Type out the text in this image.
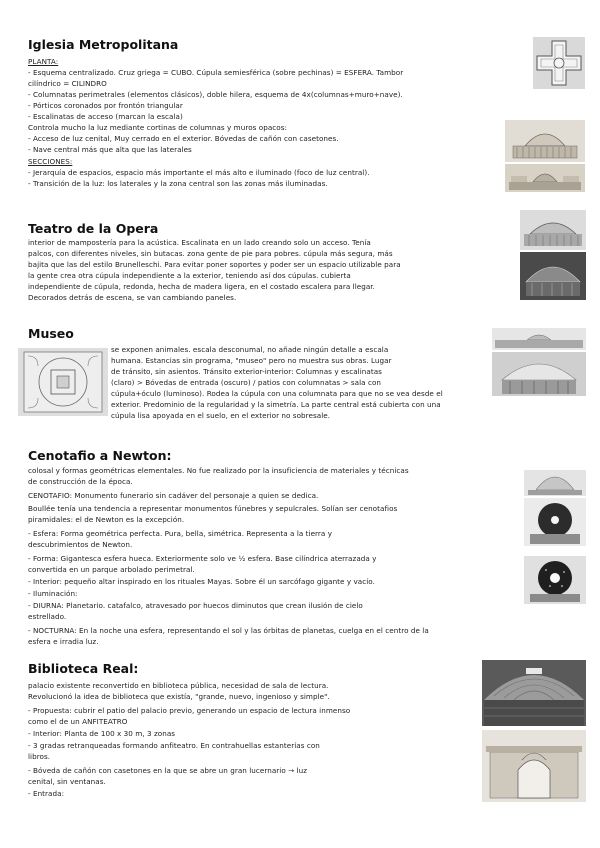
Iglesia Metropolitana
PLANTA:
- Esquema centralizado. Cruz griega = CUBO. Cúpula semiesférica (sobre pechinas) = ESFERA. Tambor
cilíndrico = CILINDRO
- Columnatas perimetrales (elementos clásicos), doble hilera, esquema de 4x(columnas+muro+nave).
- Pórticos coronados por frontón triangular
- Escalinatas de acceso (marcan la escala)
Controla mucho la luz mediante cortinas de columnas y muros opacos:
- Acceso de luz cenital, Muy cerrado en el exterior. Bóvedas de cañón con casetones.
- Nave central más que alta que las laterales
SECCIONES:
- Jerarquía de espacios, espacio más importante el más alto e iluminado (foco de luz central).
- Transición de la luz: los laterales y la zona central son las zonas más iluminadas.
Teatro de la Opera
interior de mampostería para la acústica. Escalinata en un lado creando solo un acceso. Tenía
palcos, con diferentes niveles, sin butacas. zona gente de pie para pobres. cúpula más segura, más
bajita que las del estilo Brunelleschi. Para evitar poner soportes y poder ser un espacio utilizable para
la gente crea otra cúpula independiente a la exterior, teniendo así dos cúpulas. cubierta
independiente de cúpula, redonda, hecha de madera ligera, en el costado escalera para llegar.
Decorados detrás de escena, se van cambiando paneles.
Museo
se exponen animales. escala desconumal, no añade ningún detalle a escala
humana. Estancias sin programa, "museo" pero no muestra sus obras. Lugar
de tránsito, sin asientos. Tránsito exterior-interior: Columnas y escalinatas
(claro) > Bóvedas de entrada (oscuro) / patios con columnatas > sala con
cúpula+óculo (luminoso). Rodea la cúpula con una columnata para que no se vea desde el
exterior. Predominio de la regularidad y la simetría. La parte central está cubierta con una
cúpula lisa apoyada en el suelo, en el exterior no sobresale.
Cenotafio a Newton:
colosal y formas geométricas elementales. No fue realizado por la insuficiencia de materiales y técnicas
de construcción de la época.
CENOTAFIO: Monumento funerario sin cadáver del personaje a quien se dedica.
Boullée tenía una tendencia a representar monumentos fúnebres y sepulcrales. Solían ser cenotafios
piramidales: el de Newton es la excepción.
- Esfera: Forma geométrica perfecta. Pura, bella, simétrica. Representa a la tierra y
descubrimientos de Newton.
- Forma: Gigantesca esfera hueca. Exteriormente solo ve ½ esfera. Base cilíndrica aterrazada y
convertida en un parque arbolado perimetral.
- Interior: pequeño altar inspirado en los rituales Mayas. Sobre él un sarcófago gigante y vacío.
- Iluminación:
- DIURNA: Planetario. catafalco, atravesado por huecos diminutos que crean ilusión de cielo
estrellado.
- NOCTURNA: En la noche una esfera, representando el sol y las órbitas de planetas, cuelga en el centro de la
esfera e irradia luz.
Biblioteca Real:
palacio existente reconvertido en biblioteca pública, necesidad de sala de lectura.
Revolucionó la idea de biblioteca que existía, "grande, nuevo, ingenioso y simple".
- Propuesta: cubrir el patio del palacio previo, generando un espacio de lectura inmenso
como el de un ANFITEATRO
- Interior: Planta de 100 x 30 m, 3 zonas
- 3 gradas retranqueadas formando anfiteatro. En contrahuellas estanterías con
libros.
- Bóveda de cañón con casetones en la que se abre un gran lucernario → luz
cenital, sin ventanas.
- Entrada:
